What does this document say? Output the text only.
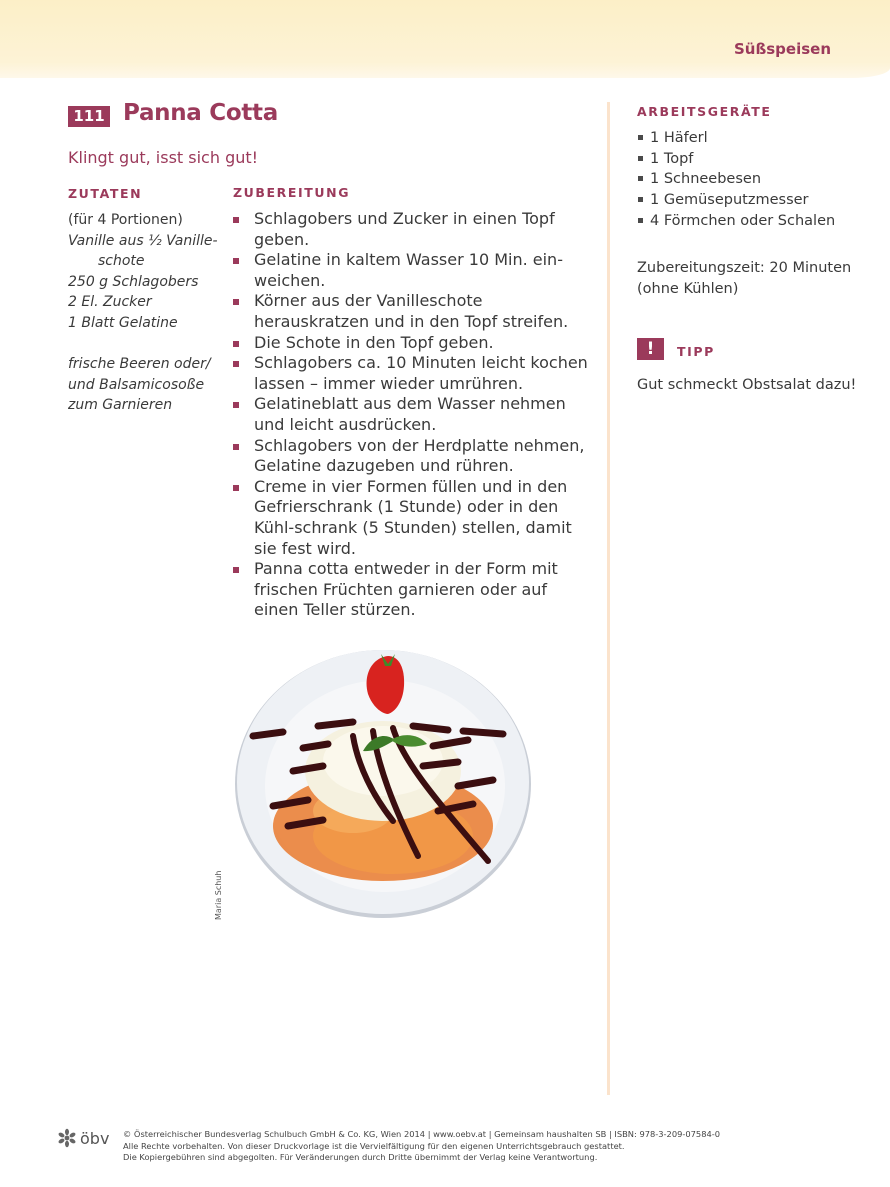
Süßspeisen
111 Panna Cotta
Klingt gut, isst sich gut!
ZUTATEN	ZUBEREITUNG
(für 4 Portionen)
Vanille aus ½ Vanille-
schote
250 g Schlagobers
2 El. Zucker
1 Blatt Gelatine
frische Beeren oder/
und Balsamicosoße
zum Garnieren
Schlagobers und Zucker in einen Topf geben.
Gelatine in kaltem Wasser 10 Min. ein-weichen.
Körner aus der Vanilleschote herauskratzen und in den Topf streifen.
Die Schote in den Topf geben.
Schlagobers ca. 10 Minuten leicht kochen lassen – immer wieder umrühren.
Gelatineblatt aus dem Wasser nehmen und leicht ausdrücken.
Schlagobers von der Herdplatte nehmen, Gelatine dazugeben und rühren.
Creme in vier Formen füllen und in den Gefrierschrank (1 Stunde) oder in den Kühl-schrank (5 Stunden) stellen, damit sie fest wird.
Panna cotta entweder in der Form mit frischen Früchten garnieren oder auf einen Teller stürzen.
Maria Schuh
ARBEITSGERÄTE
1 Häferl
1 Topf
1 Schneebesen
1 Gemüseputzmesser
4 Förmchen oder Schalen
Zubereitungszeit: 20 Minuten (ohne Kühlen)
!	TIPP
Gut schmeckt Obstsalat dazu!
öbv © Österreichischer Bundesverlag Schulbuch GmbH & Co. KG, Wien 2014 | www.oebv.at | Gemeinsam haushalten SB | ISBN: 978-3-209-07584-0
Alle Rechte vorbehalten. Von dieser Druckvorlage ist die Vervielfältigung für den eigenen Unterrichtsgebrauch gestattet.
Die Kopiergebühren sind abgegolten. Für Veränderungen durch Dritte übernimmt der Verlag keine Verantwortung.
